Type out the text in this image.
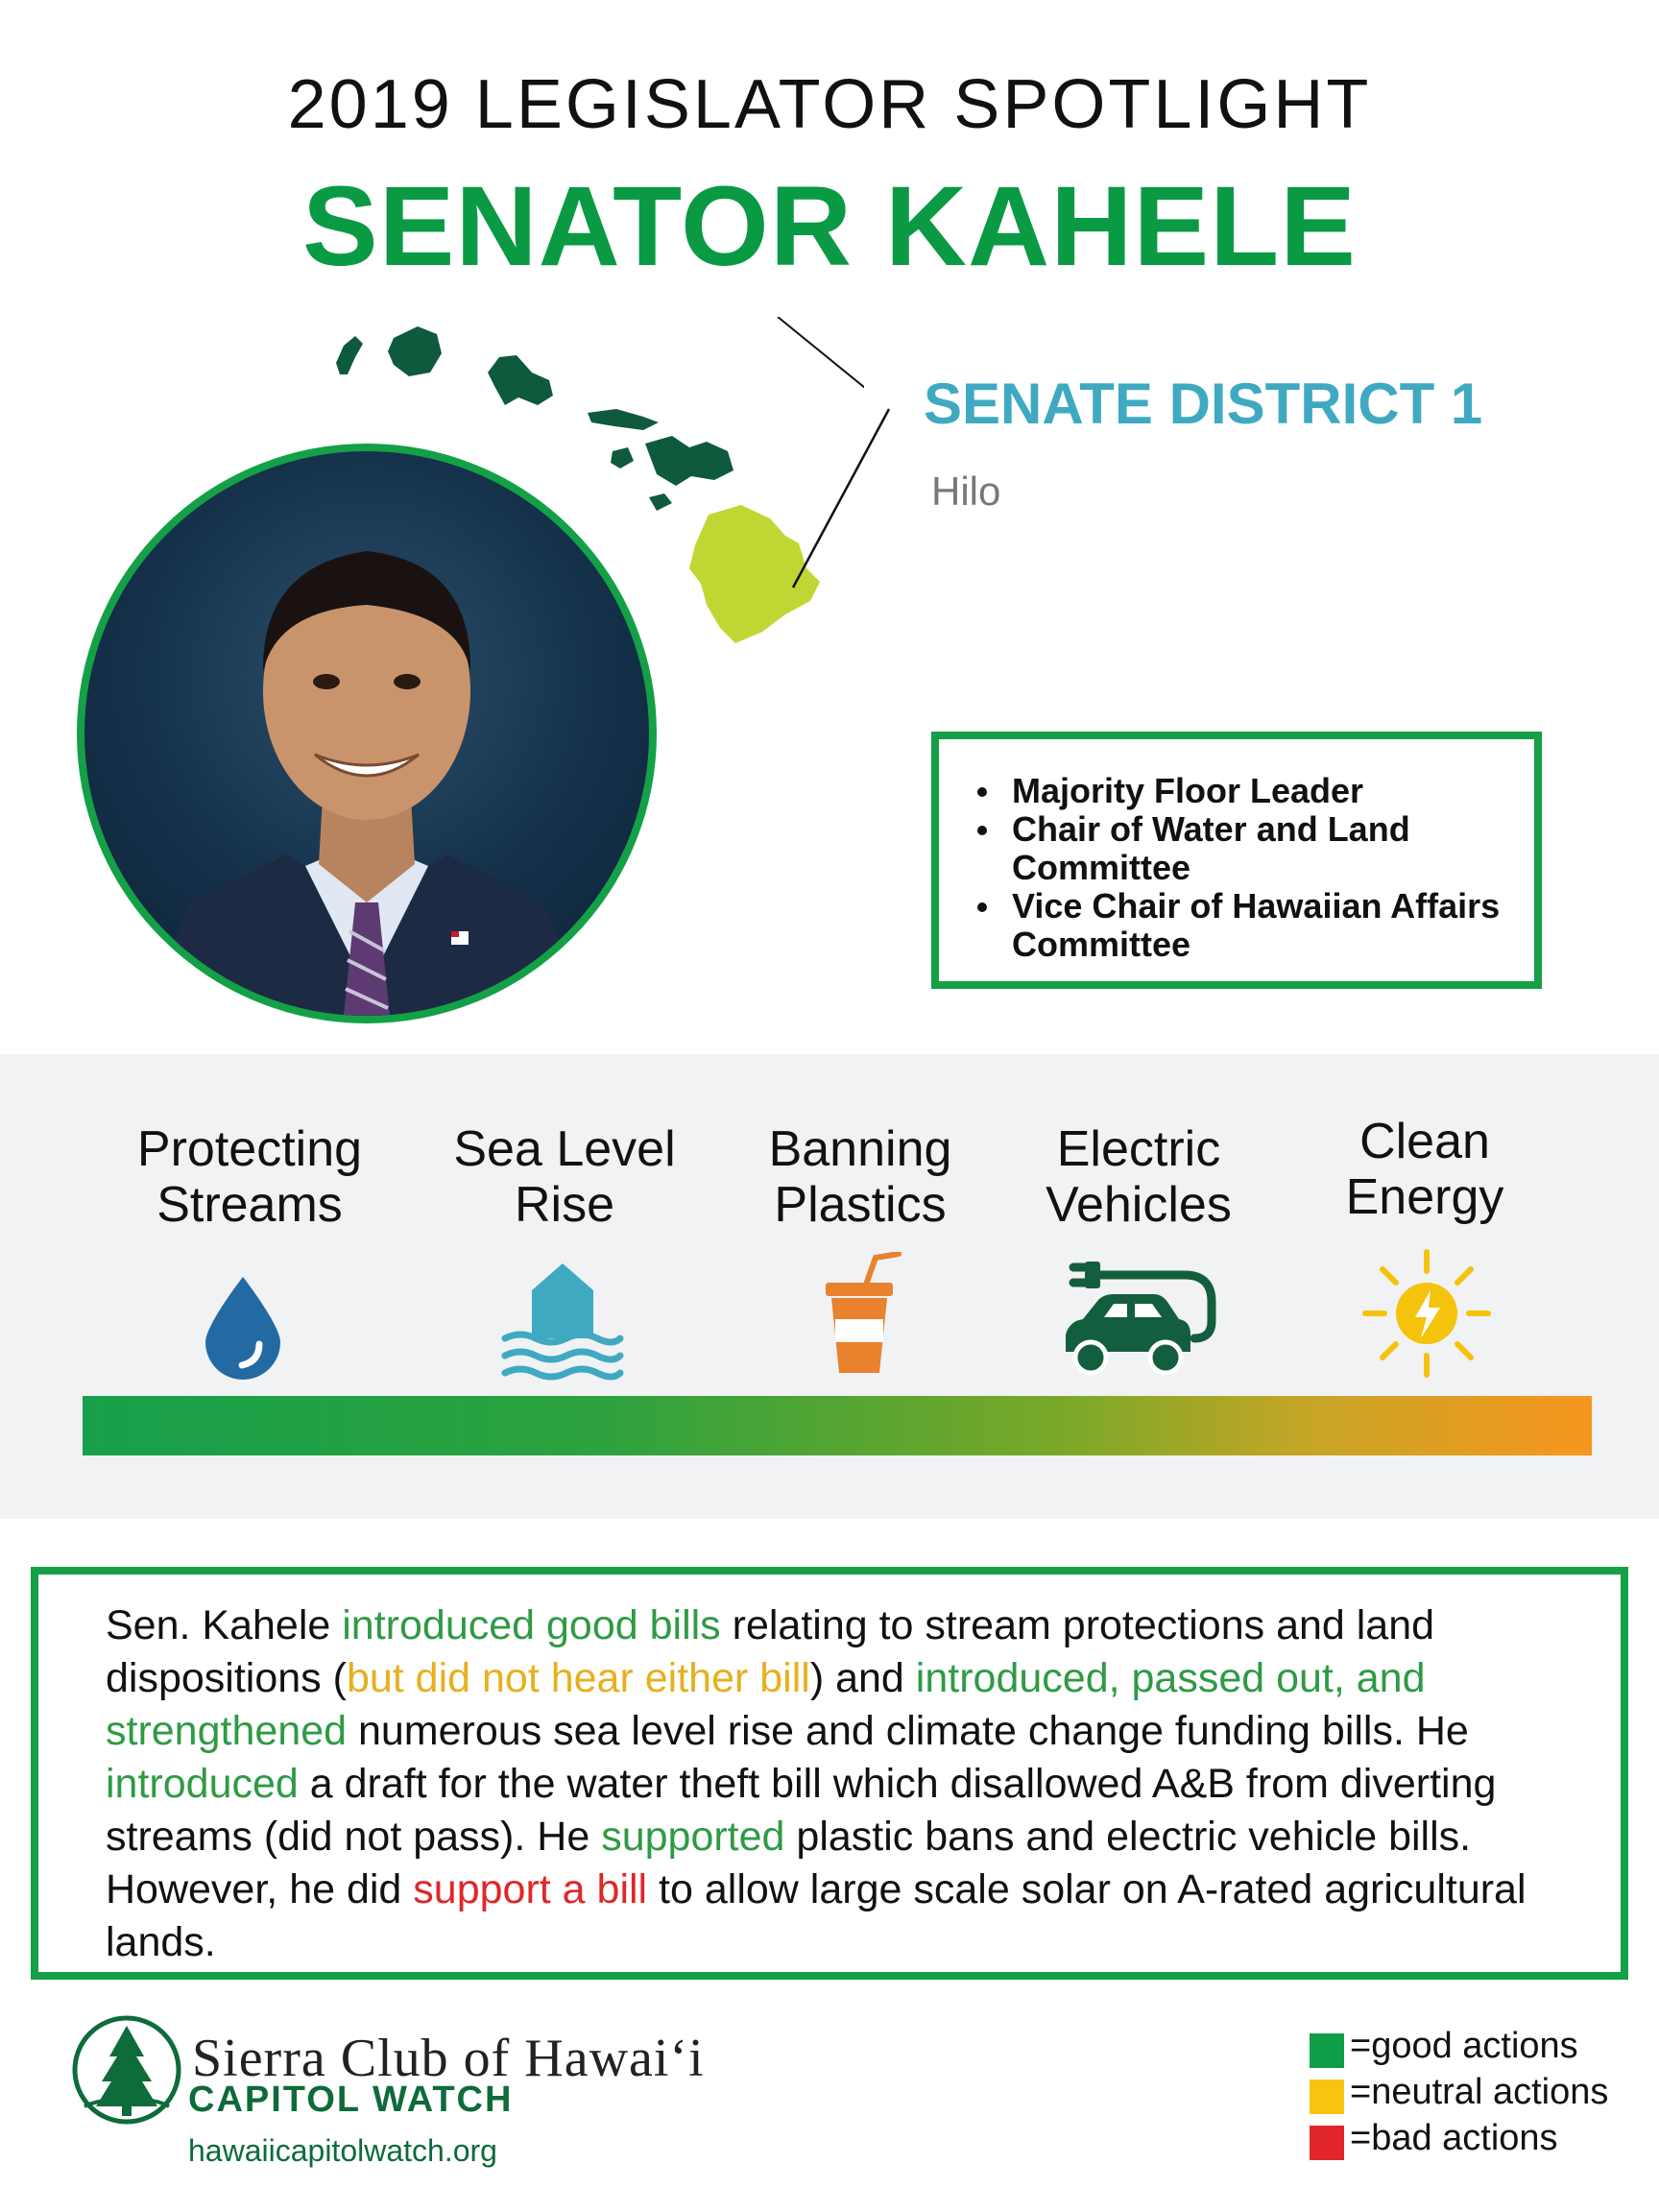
2019 LEGISLATOR SPOTLIGHT
SENATOR KAHELE
SENATE DISTRICT 1
Hilo
Majority Floor Leader
Chair of Water and Land Committee
Vice Chair of Hawaiian Affairs Committee
Protecting
Streams
Sea Level
Rise
Banning
Plastics
Electric
Vehicles
Clean
Energy
Sen. Kahele introduced good bills relating to stream protections and land dispositions (but did not hear either bill) and introduced, passed out, and strengthened numerous sea level rise and climate change funding bills. He introduced a draft for the water theft bill which disallowed A&B from diverting streams (did not pass). He supported plastic bans and electric vehicle bills. However, he did support a bill to allow large scale solar on A-rated agricultural lands.
Sierra Club of Hawaiʻi
CAPITOL WATCH
hawaiicapitolwatch.org
=good actions
=neutral actions
=bad actions
